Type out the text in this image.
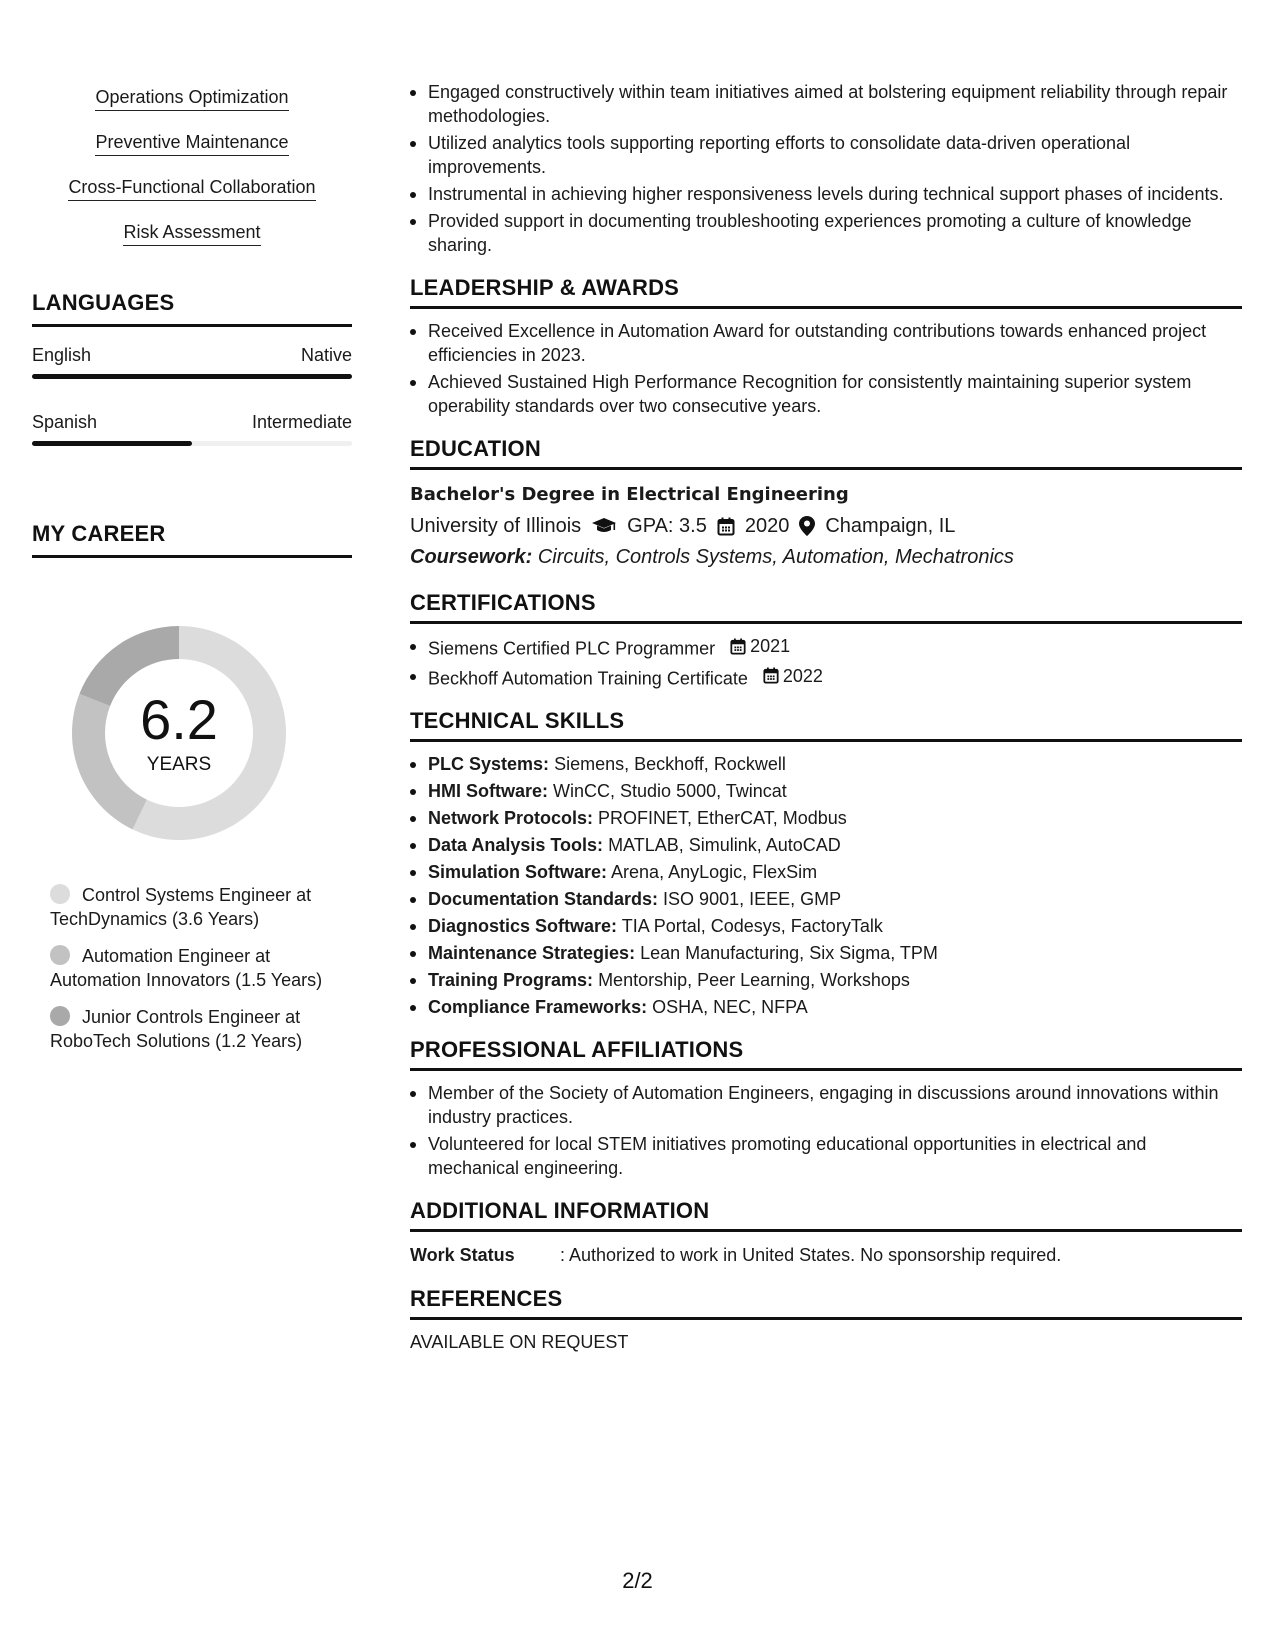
Operations Optimization
Preventive Maintenance
Cross-Functional Collaboration
Risk Assessment
LANGUAGES
English	Native
Spanish	Intermediate
MY CAREER
6.2
YEARS
Control Systems Engineer at TechDynamics (3.6 Years)
Automation Engineer at Automation Innovators (1.5 Years)
Junior Controls Engineer at RoboTech Solutions (1.2 Years)
Engaged constructively within team initiatives aimed at bolstering equipment reliability through repair methodologies.
Utilized analytics tools supporting reporting efforts to consolidate data-driven operational improvements.
Instrumental in achieving higher responsiveness levels during technical support phases of incidents.
Provided support in documenting troubleshooting experiences promoting a culture of knowledge sharing.
LEADERSHIP & AWARDS
Received Excellence in Automation Award for outstanding contributions towards enhanced project efficiencies in 2023.
Achieved Sustained High Performance Recognition for consistently maintaining superior system operability standards over two consecutive years.
EDUCATION
Bachelor's Degree in Electrical Engineering
University of Illinois GPA: 3.5 2020 Champaign, IL
Coursework: Circuits, Controls Systems, Automation, Mechatronics
CERTIFICATIONS
Siemens Certified PLC Programmer 2021
Beckhoff Automation Training Certificate 2022
TECHNICAL SKILLS
PLC Systems: Siemens, Beckhoff, Rockwell
HMI Software: WinCC, Studio 5000, Twincat
Network Protocols: PROFINET, EtherCAT, Modbus
Data Analysis Tools: MATLAB, Simulink, AutoCAD
Simulation Software: Arena, AnyLogic, FlexSim
Documentation Standards: ISO 9001, IEEE, GMP
Diagnostics Software: TIA Portal, Codesys, FactoryTalk
Maintenance Strategies: Lean Manufacturing, Six Sigma, TPM
Training Programs: Mentorship, Peer Learning, Workshops
Compliance Frameworks: OSHA, NEC, NFPA
PROFESSIONAL AFFILIATIONS
Member of the Society of Automation Engineers, engaging in discussions around innovations within industry practices.
Volunteered for local STEM initiatives promoting educational opportunities in electrical and mechanical engineering.
ADDITIONAL INFORMATION
Work Status	: Authorized to work in United States. No sponsorship required.
REFERENCES
AVAILABLE ON REQUEST
2/2
